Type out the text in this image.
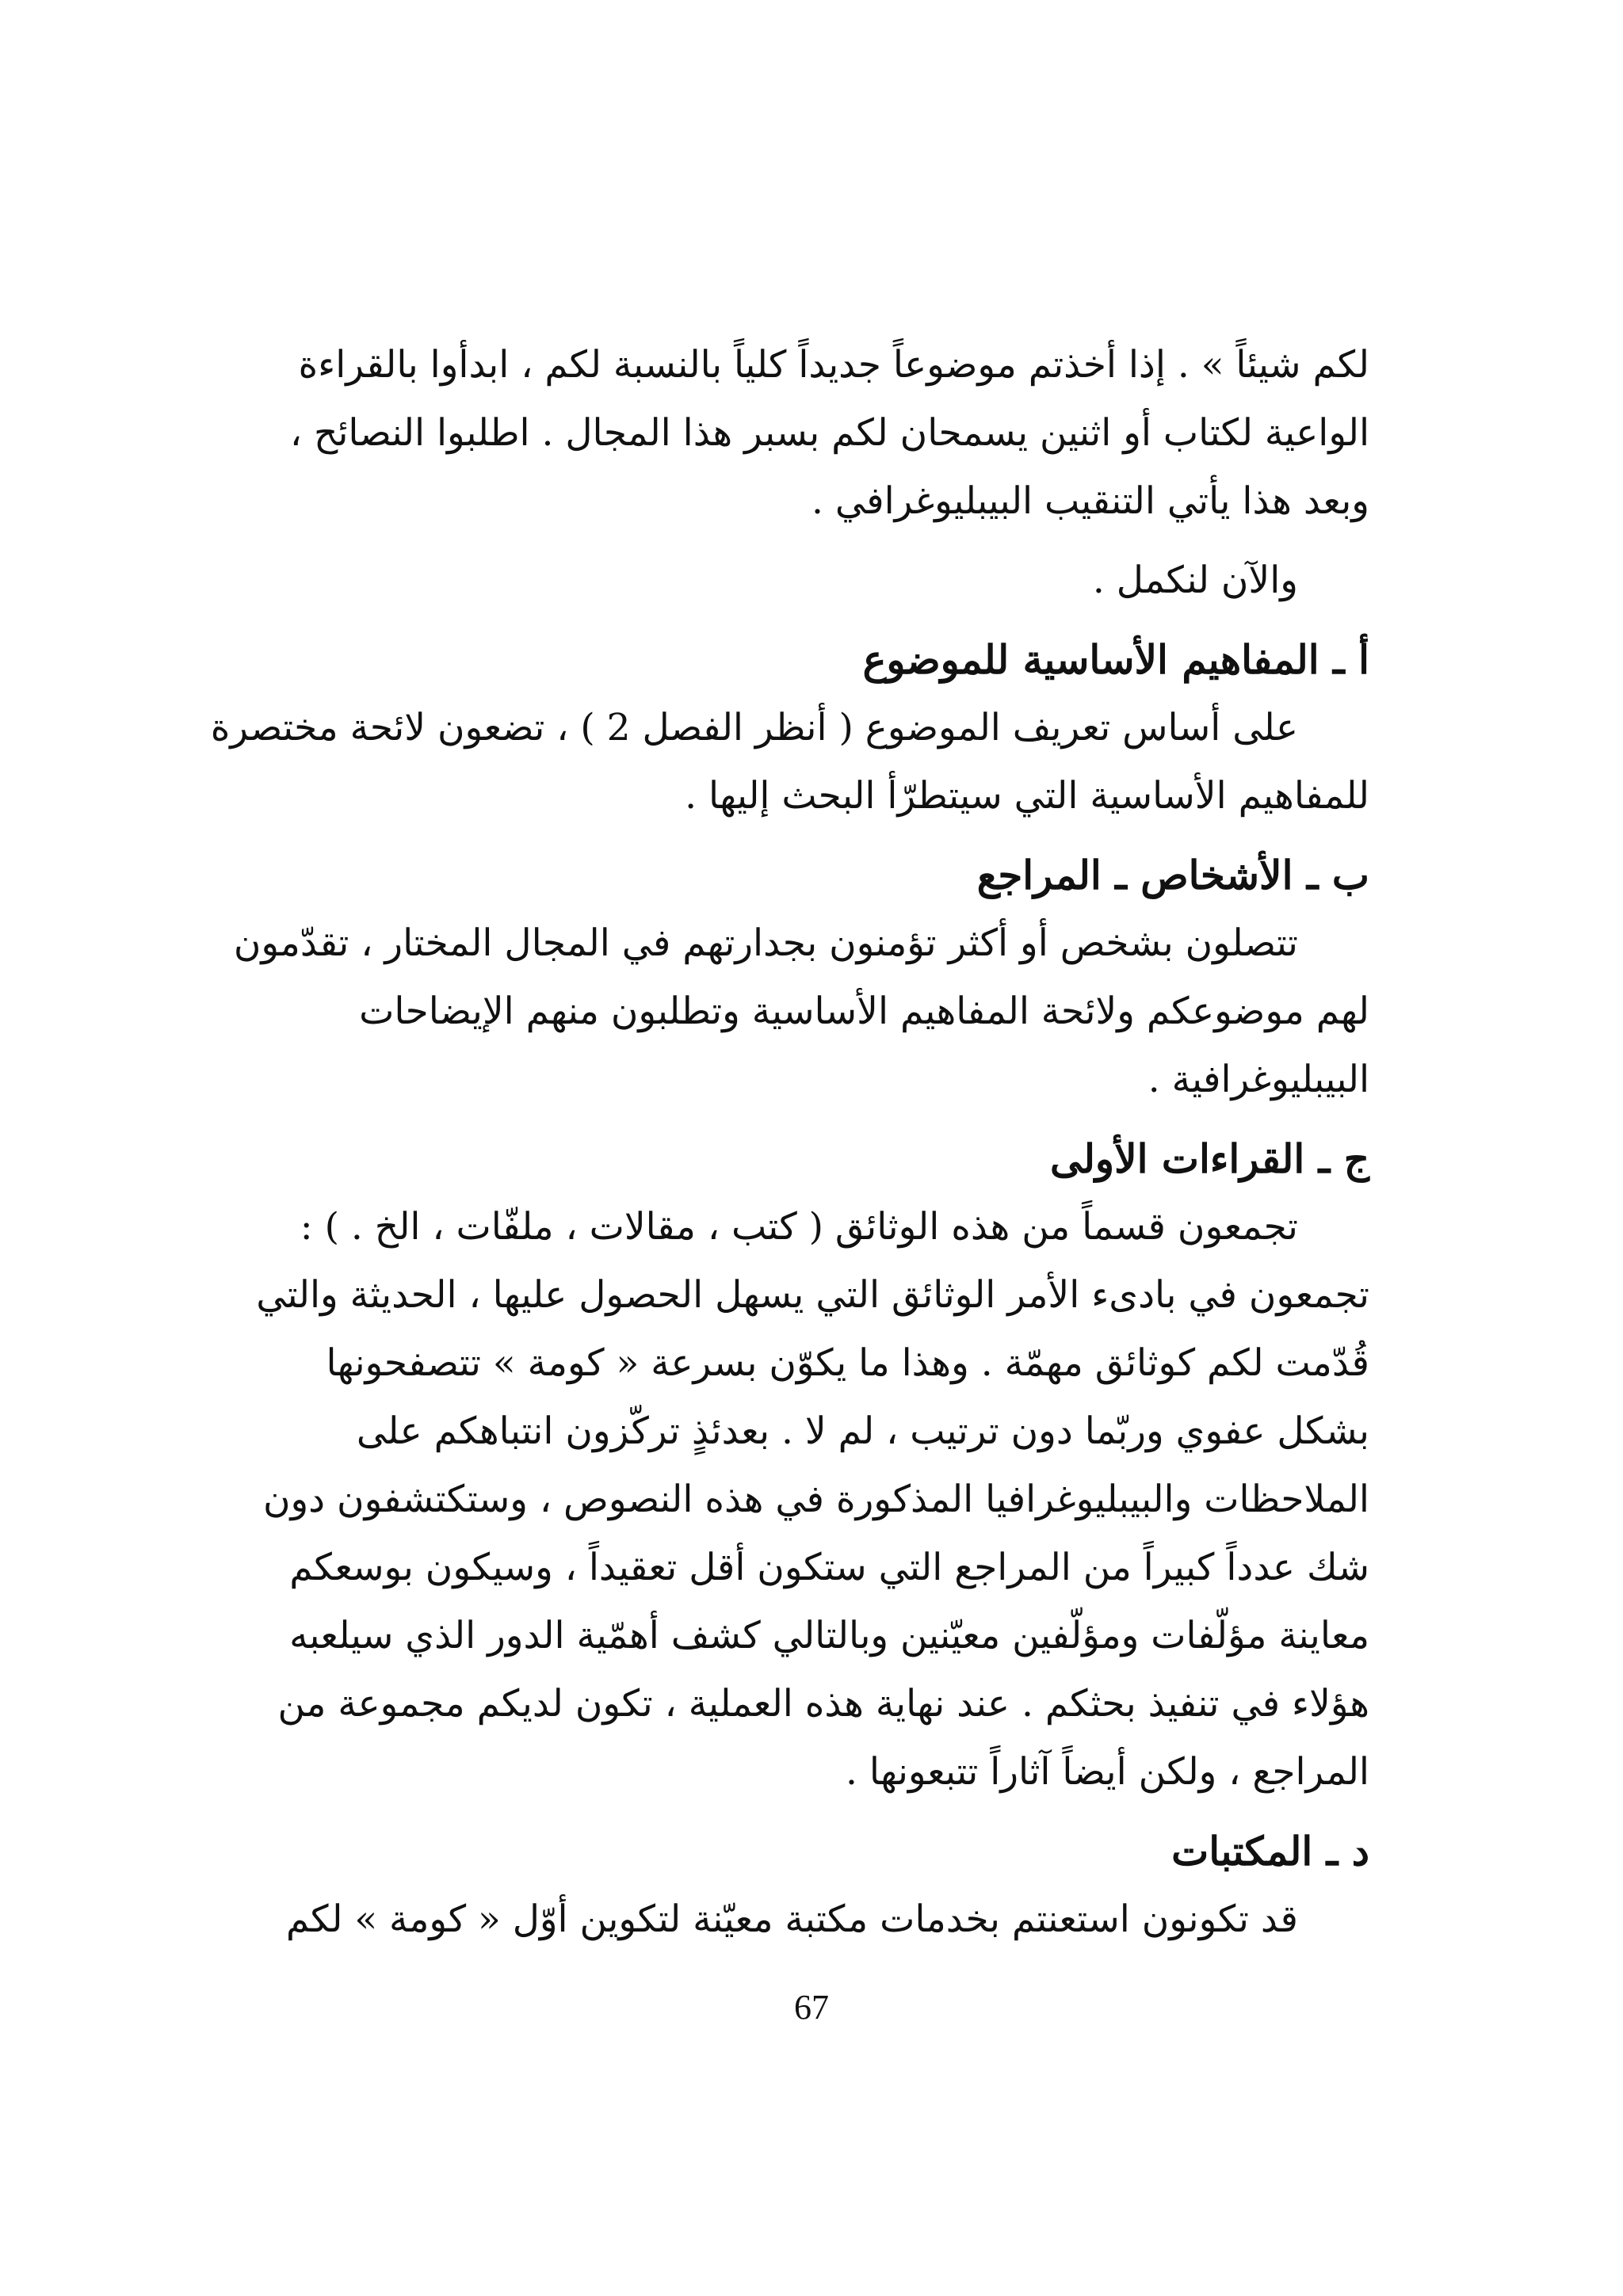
لكم شيئاً » . إذا أخذتم موضوعاً جديداً كلياً بالنسبة لكم ، ابدأوا بالقراءة
الواعية لكتاب أو اثنين يسمحان لكم بسبر هذا المجال . اطلبوا النصائح ،
وبعد هذا يأتي التنقيب البيبليوغرافي .

والآن لنكمل .

أ ـ المفاهيم الأساسية للموضوع

على أساس تعريف الموضوع ( أنظر الفصل 2 ) ، تضعون لائحة مختصرة
للمفاهيم الأساسية التي سيتطرّأ البحث إليها .

ب ـ الأشخاص ـ المراجع

تتصلون بشخص أو أكثر تؤمنون بجدارتهم في المجال المختار ، تقدّمون
لهم موضوعكم ولائحة المفاهيم الأساسية وتطلبون منهم الإيضاحات
البيبليوغرافية .

ج ـ القراءات الأولى

تجمعون قسماً من هذه الوثائق ( كتب ، مقالات ، ملفّات ، الخ . ) :
تجمعون في بادىء الأمر الوثائق التي يسهل الحصول عليها ، الحديثة والتي
قُدّمت لكم كوثائق مهمّة . وهذا ما يكوّن بسرعة « كومة » تتصفحونها
بشكل عفوي وربّما دون ترتيب ، لم لا . بعدئذٍ تركّزون انتباهكم على
الملاحظات والبيبليوغرافيا المذكورة في هذه النصوص ، وستكتشفون دون
شك عدداً كبيراً من المراجع التي ستكون أقل تعقيداً ، وسيكون بوسعكم
معاينة مؤلّفات ومؤلّفين معيّنين وبالتالي كشف أهمّية الدور الذي سيلعبه
هؤلاء في تنفيذ بحثكم . عند نهاية هذه العملية ، تكون لديكم مجموعة من
المراجع ، ولكن أيضاً آثاراً تتبعونها .

د ـ المكتبات

قد تكونون استعنتم بخدمات مكتبة معيّنة لتكوين أوّل « كومة » لكم

67
